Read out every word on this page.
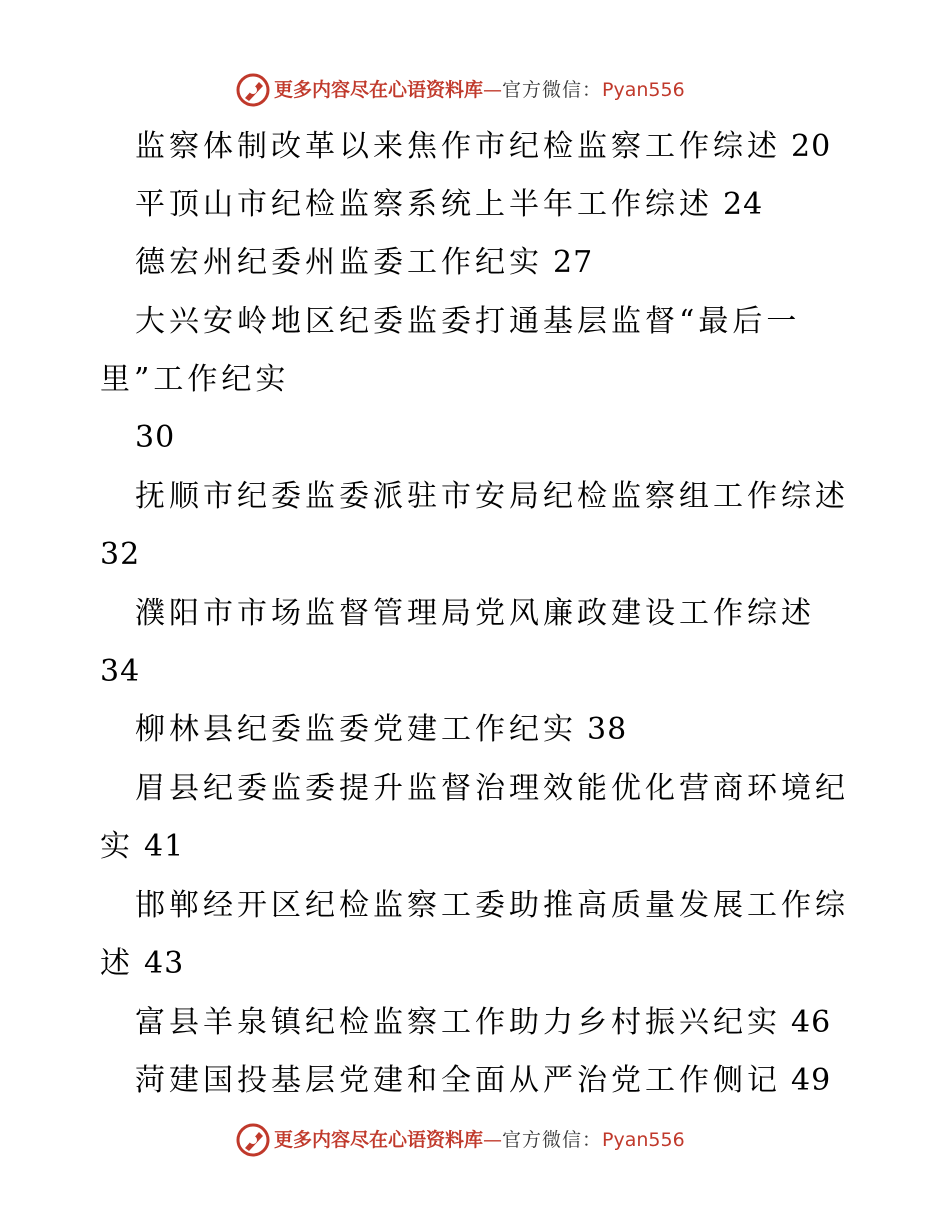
更多内容尽在心语资料库—官方微信：Pyan556
监察体制改革以来焦作市纪检监察工作综述 20
平顶山市纪检监察系统上半年工作综述 24
德宏州纪委州监委工作纪实 27
大兴安岭地区纪委监委打通基层监督“最后一
里”工作纪实
30
抚顺市纪委监委派驻市安局纪检监察组工作综述
32
濮阳市市场监督管理局党风廉政建设工作综述
34
柳林县纪委监委党建工作纪实 38
眉县纪委监委提升监督治理效能优化营商环境纪
实 41
邯郸经开区纪检监察工委助推高质量发展工作综
述 43
富县羊泉镇纪检监察工作助力乡村振兴纪实 46
菏建国投基层党建和全面从严治党工作侧记 49
更多内容尽在心语资料库—官方微信：Pyan556
